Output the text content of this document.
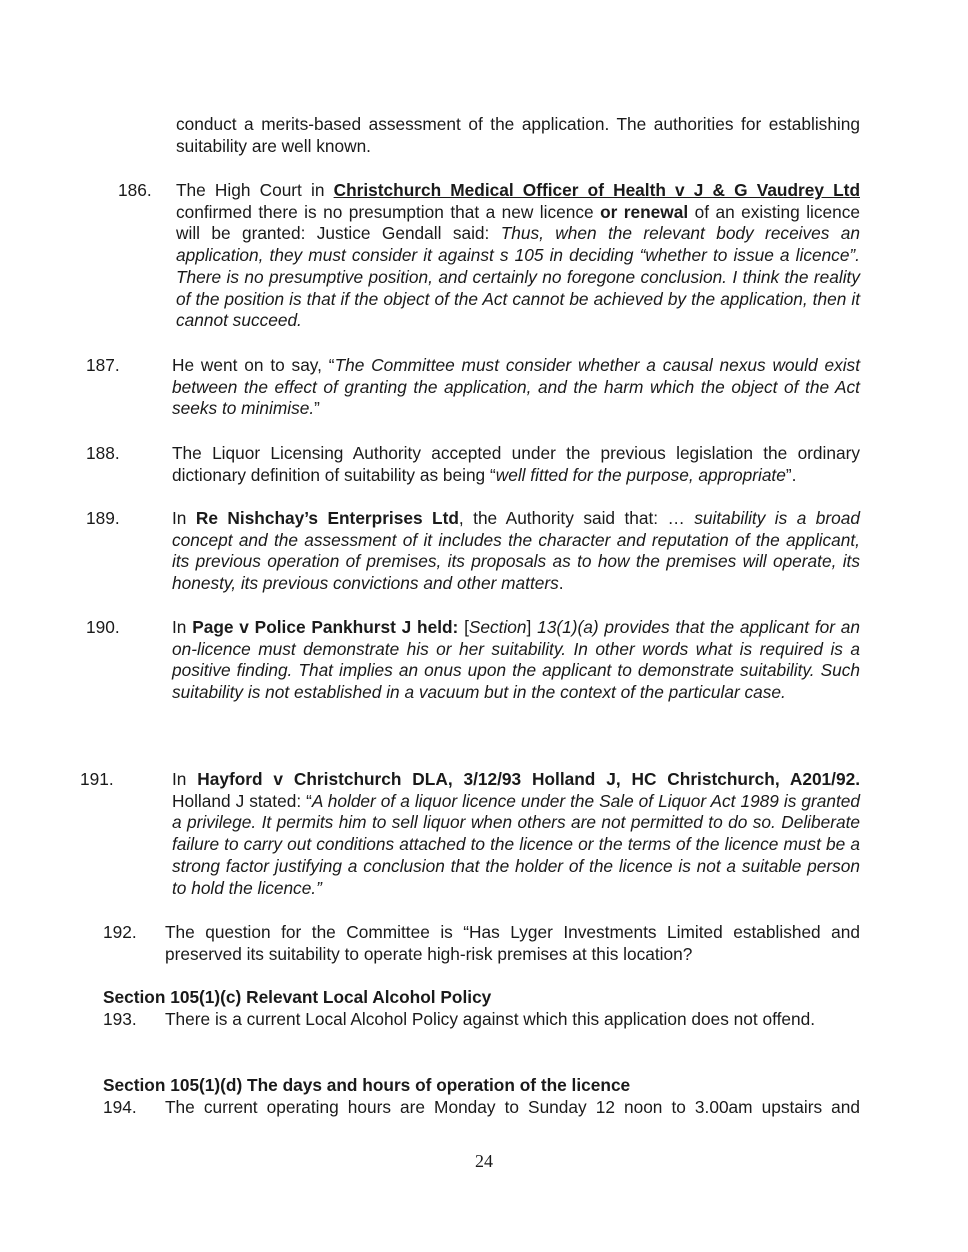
conduct a merits-based assessment of the application. The authorities for establishing suitability are well known.
186. The High Court in Christchurch Medical Officer of Health v J & G Vaudrey Ltd confirmed there is no presumption that a new licence or renewal of an existing licence will be granted: Justice Gendall said: Thus, when the relevant body receives an application, they must consider it against s 105 in deciding “whether to issue a licence”. There is no presumptive position, and certainly no foregone conclusion. I think the reality of the position is that if the object of the Act cannot be achieved by the application, then it cannot succeed.
187.	He went on to say, “The Committee must consider whether a causal nexus would exist between the effect of granting the application, and the harm which the object of the Act seeks to minimise.”
188.	The Liquor Licensing Authority accepted under the previous legislation the ordinary dictionary definition of suitability as being “well fitted for the purpose, appropriate”.
189.	In Re Nishchay’s Enterprises Ltd, the Authority said that: … suitability is a broad concept and the assessment of it includes the character and reputation of the applicant, its previous operation of premises, its proposals as to how the premises will operate, its honesty, its previous convictions and other matters.
190.	In Page v Police Pankhurst J held: [Section] 13(1)(a) provides that the applicant for an on-licence must demonstrate his or her suitability. In other words what is required is a positive finding. That implies an onus upon the applicant to demonstrate suitability. Such suitability is not established in a vacuum but in the context of the particular case.
191.	In Hayford v Christchurch DLA, 3/12/93 Holland J, HC Christchurch, A201/92. Holland J stated: “A holder of a liquor licence under the Sale of Liquor Act 1989 is granted a privilege. It permits him to sell liquor when others are not permitted to do so. Deliberate failure to carry out conditions attached to the licence or the terms of the licence must be a strong factor justifying a conclusion that the holder of the licence is not a suitable person to hold the licence.”
192. The question for the Committee is “Has Lyger Investments Limited established and preserved its suitability to operate high-risk premises at this location?
Section 105(1)(c) Relevant Local Alcohol Policy
193. There is a current Local Alcohol Policy against which this application does not offend.
Section 105(1)(d) The days and hours of operation of the licence
194. The current operating hours are Monday to Sunday 12 noon to 3.00am upstairs and
24
